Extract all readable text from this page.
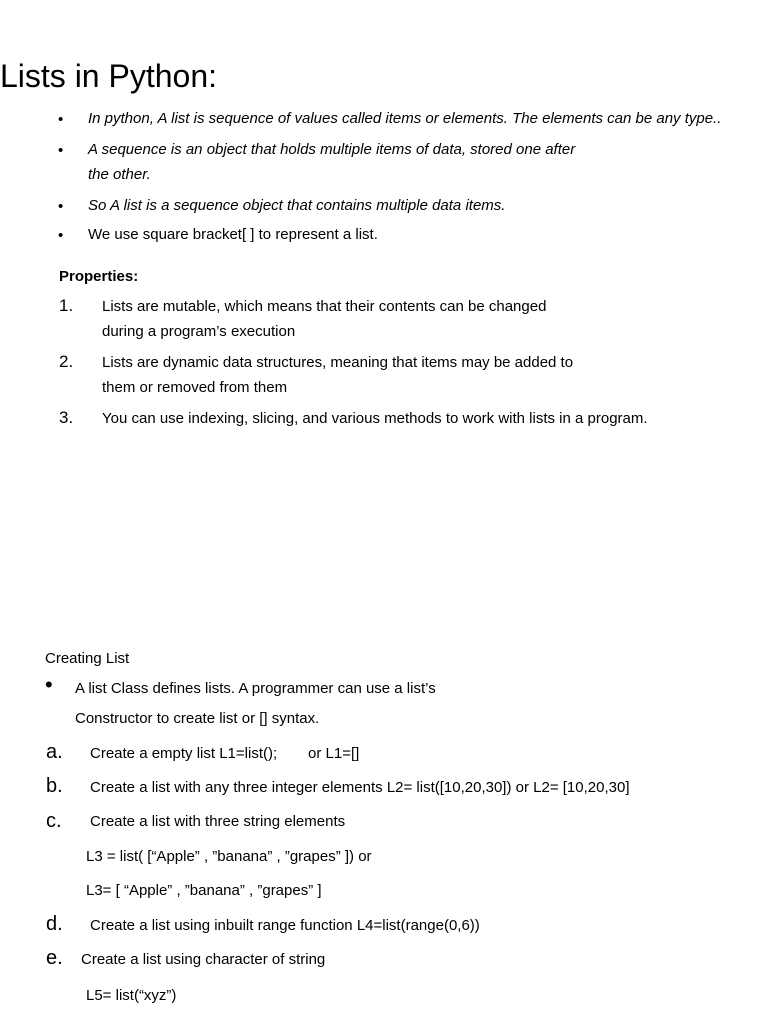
Lists in Python:
• In python, A list is sequence of values called items or elements. The elements can be any type..
• A sequence is an object that holds multiple items of data, stored one after
the other.
• So A list is a sequence object that contains multiple data items.
• We use square bracket[ ] to represent a list.
Properties:
1. Lists are mutable, which means that their contents can be changed
during a program’s execution
2. Lists are dynamic data structures, meaning that items may be added to
them or removed from them
3. You can use indexing, slicing, and various methods to work with lists in a program.
Creating List
• A list Class defines lists. A programmer can use a list’s
Constructor to create list or [] syntax.
a. Create a empty list L1=list(); or L1=[]
b. Create a list with any three integer elements L2= list([10,20,30]) or L2= [10,20,30]
c. Create a list with three string elements
L3 = list( [“Apple” , ”banana” , ”grapes” ]) or
L3= [ “Apple” , ”banana” , ”grapes” ]
d. Create a list using inbuilt range function L4=list(range(0,6))
e. Create a list using character of string
L5= list(“xyz”)
